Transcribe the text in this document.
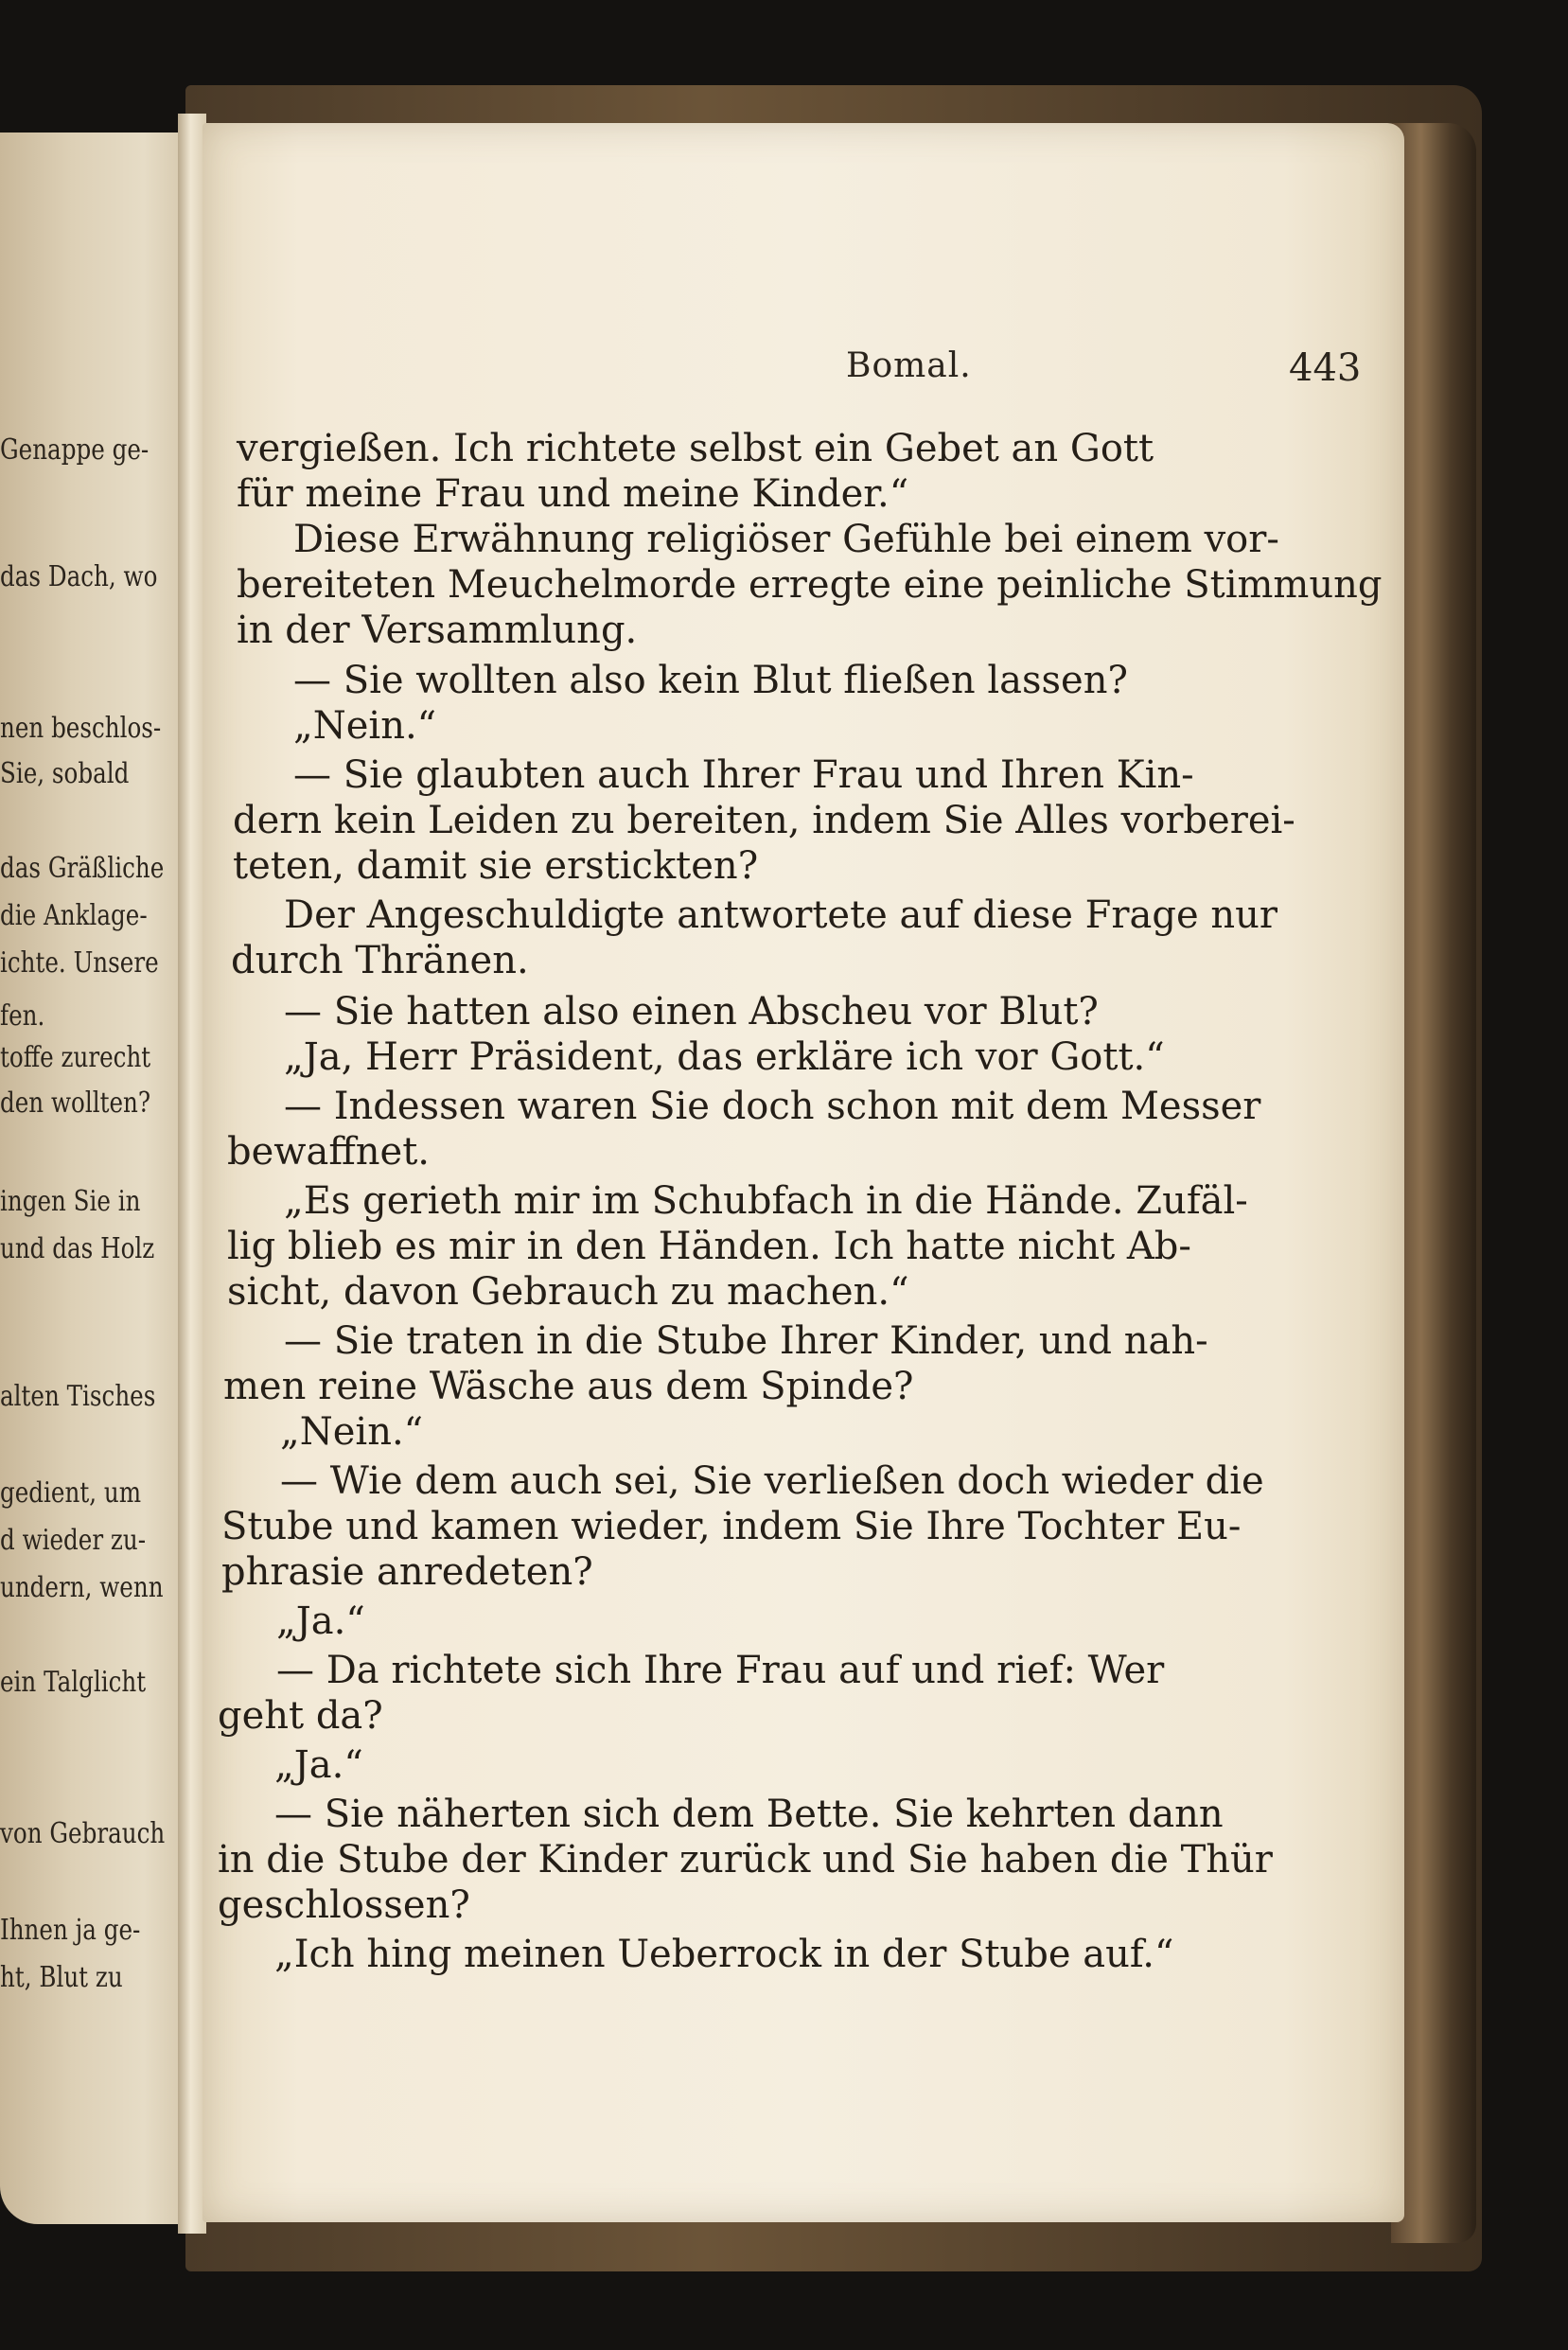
Genappe ge-
das Dach, wo
nen beschlos-
Sie, sobald
das Gräßliche
die Anklage-
ichte. Unsere
fen.
toffe zurecht
den wollten?
ingen Sie in
und das Holz
alten Tisches
gedient, um
d wieder zu-
undern, wenn
ein Talglicht
von Gebrauch
Ihnen ja ge-
ht, Blut zu
Bomal.	443
vergießen. Ich richtete selbst ein Gebet an Gott
für meine Frau und meine Kinder.“
Diese Erwähnung religiöser Gefühle bei einem vor-
bereiteten Meuchelmorde erregte eine peinliche Stimmung
in der Versammlung.
— Sie wollten also kein Blut fließen lassen?
„Nein.“
— Sie glaubten auch Ihrer Frau und Ihren Kin-
dern kein Leiden zu bereiten, indem Sie Alles vorberei-
teten, damit sie erstickten?
Der Angeschuldigte antwortete auf diese Frage nur
durch Thränen.
— Sie hatten also einen Abscheu vor Blut?
„Ja, Herr Präsident, das erkläre ich vor Gott.“
— Indessen waren Sie doch schon mit dem Messer
bewaffnet.
„Es gerieth mir im Schubfach in die Hände. Zufäl-
lig blieb es mir in den Händen. Ich hatte nicht Ab-
sicht, davon Gebrauch zu machen.“
— Sie traten in die Stube Ihrer Kinder, und nah-
men reine Wäsche aus dem Spinde?
„Nein.“
— Wie dem auch sei, Sie verließen doch wieder die
Stube und kamen wieder, indem Sie Ihre Tochter Eu-
phrasie anredeten?
„Ja.“
— Da richtete sich Ihre Frau auf und rief: Wer
geht da?
„Ja.“
— Sie näherten sich dem Bette. Sie kehrten dann
in die Stube der Kinder zurück und Sie haben die Thür
geschlossen?
„Ich hing meinen Ueberrock in der Stube auf.“
